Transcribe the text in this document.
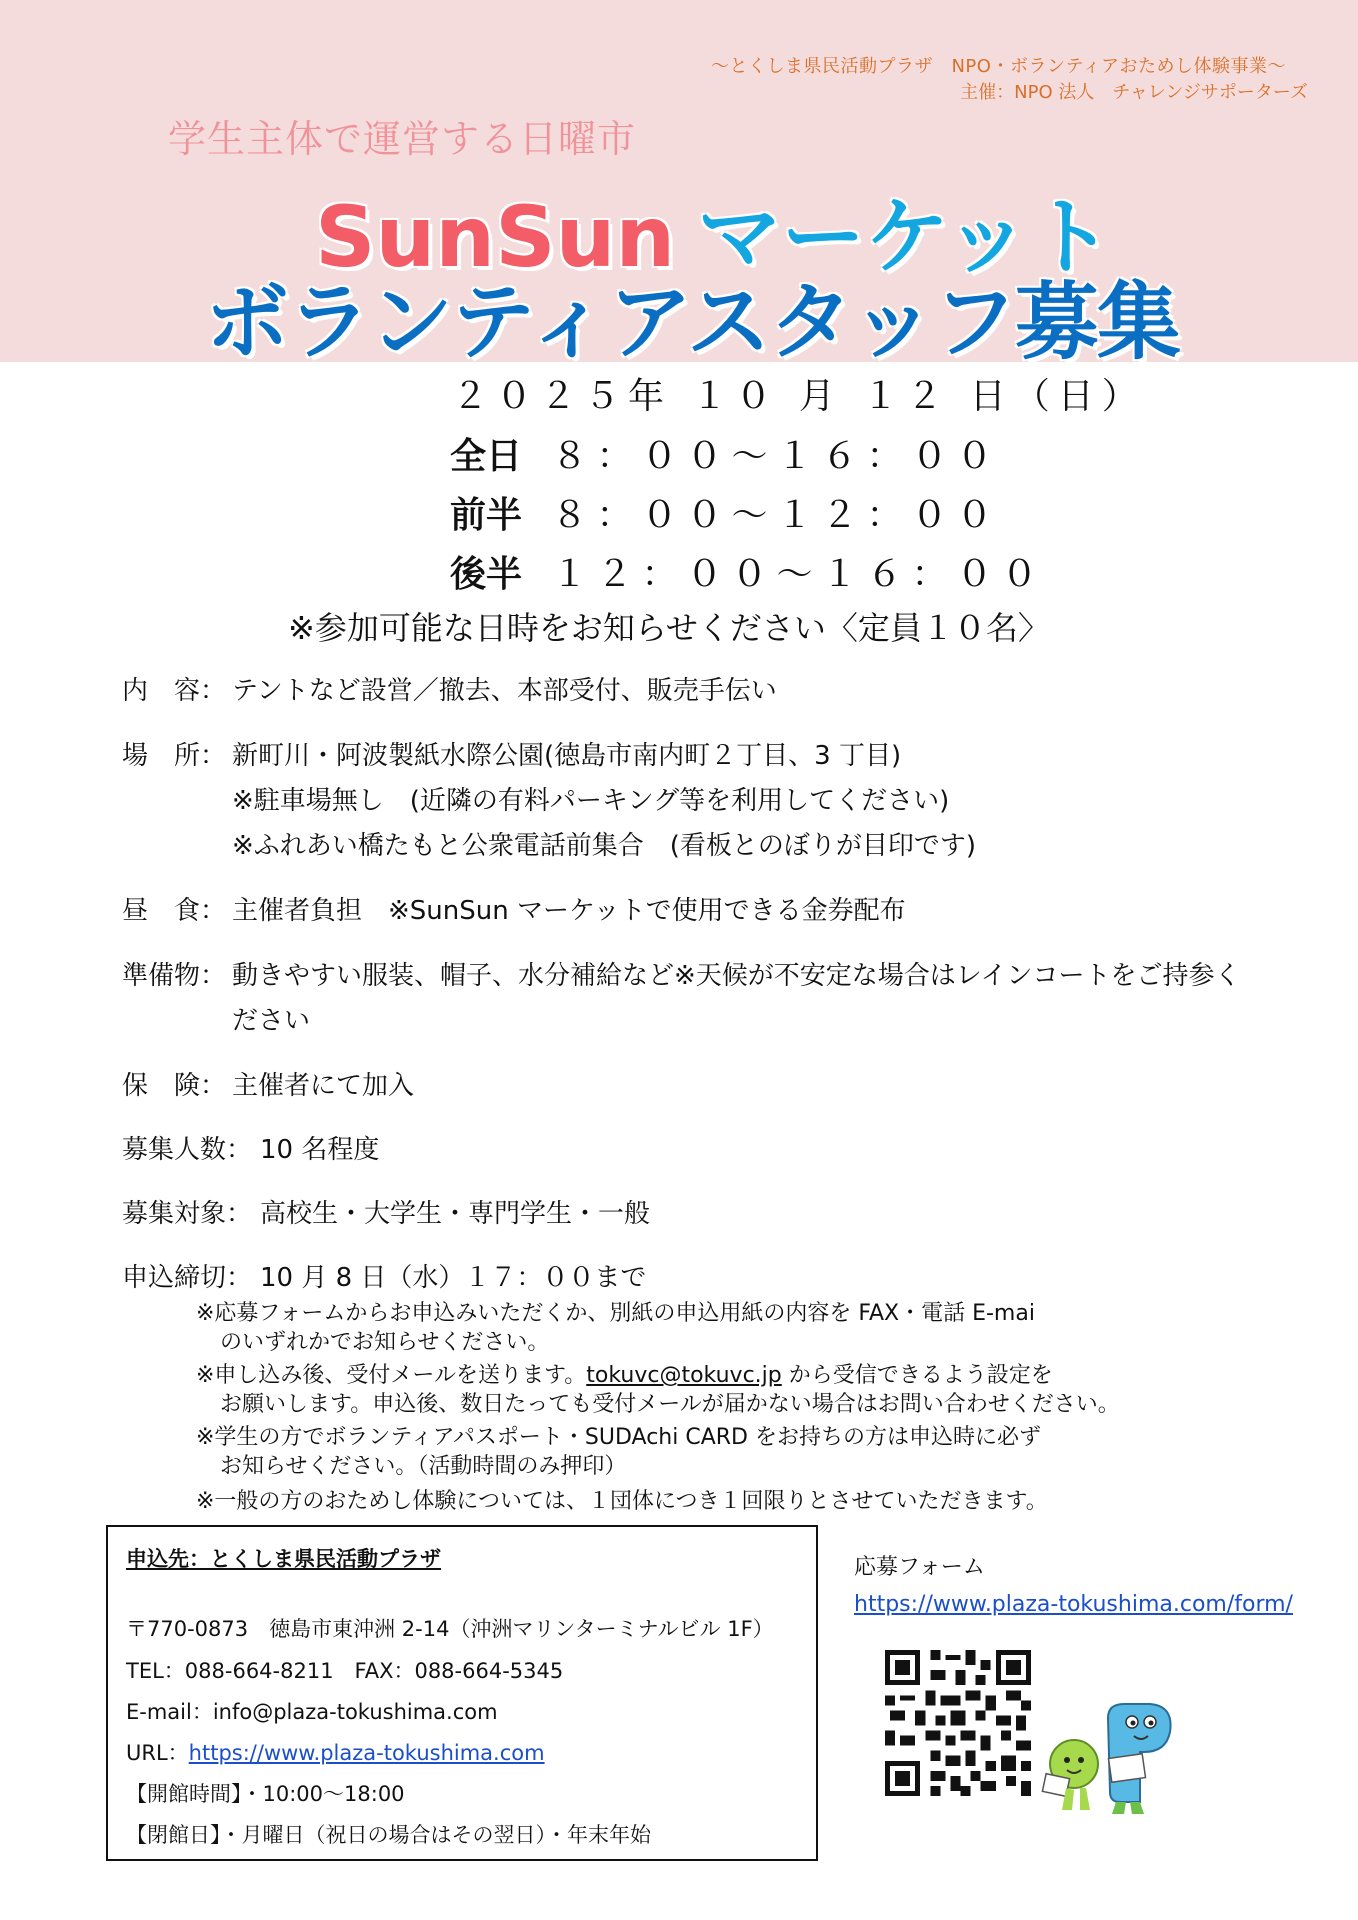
～とくしま県民活動プラザ　NPO・ボランティアおためし体験事業～
主催：NPO 法人　チャレンジサポーターズ
学生主体で運営する日曜市
SunSun マーケット
ボランティアスタッフ募集
２０２５年 １０ 月 １２ 日（日）
全日 ８：００～１６：００
前半 ８：００～１２：００
後半 １２：００～１６：００
※参加可能な日時をお知らせください〈定員１０名〉
内　容： テントなど設営／撤去、本部受付、販売手伝い
場　所： 新町川・阿波製紙水際公園(徳島市南内町２丁目、3 丁目)
※駐車場無し　(近隣の有料パーキング等を利用してください)
※ふれあい橋たもと公衆電話前集合　(看板とのぼりが目印です)
昼　食： 主催者負担　※SunSun マーケットで使用できる金券配布
準備物： 動きやすい服装、帽子、水分補給など※天候が不安定な場合はレインコートをご持参く
ださい
保　険： 主催者にて加入
募集人数： 10 名程度
募集対象： 高校生・大学生・専門学生・一般
申込締切： 10 月 8 日（水）１７：００まで
※応募フォームからお申込みいただくか、別紙の申込用紙の内容を FAX・電話 E-mai
のいずれかでお知らせください。
※申し込み後、受付メールを送ります。tokuvc@tokuvc.jp から受信できるよう設定を
お願いします。申込後、数日たっても受付メールが届かない場合はお問い合わせください。
※学生の方でボランティアパスポート・SUDAchi CARD をお持ちの方は申込時に必ず
お知らせください。（活動時間のみ押印）
※一般の方のおためし体験については、１団体につき１回限りとさせていただきます。
申込先：とくしま県民活動プラザ
〒770-0873　徳島市東沖洲 2-14（沖洲マリンターミナルビル 1F）
TEL：088-664-8211　FAX：088-664-5345
E-mail：info@plaza-tokushima.com
URL：https://www.plaza-tokushima.com
【開館時間】・10:00～18:00
【閉館日】・月曜日（祝日の場合はその翌日）・年末年始
応募フォーム
https://www.plaza-tokushima.com/form/
